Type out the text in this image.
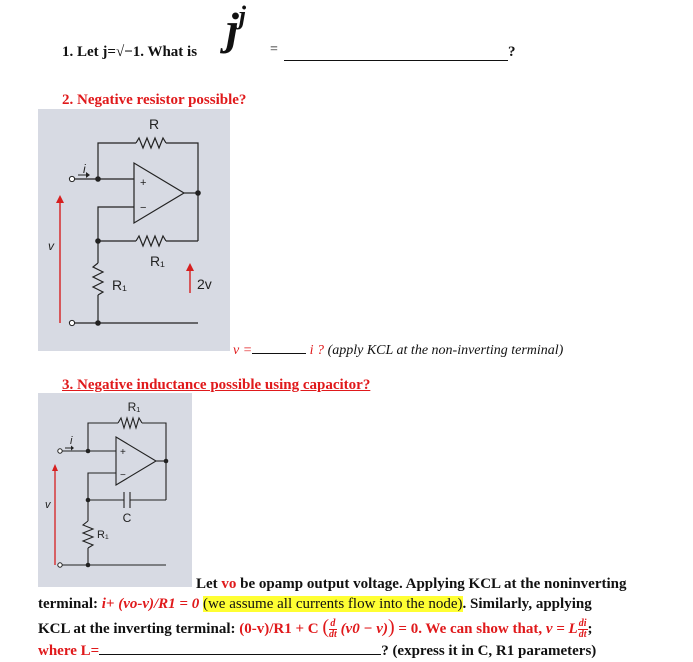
1. Let j=√−1. What is $j^j$
=	?
2. Negative resistor possible?
R
i
+
−
R₁
R₁
v
2v
v =	i ? (apply KCL at the non-inverting terminal)
3. Negative inductance possible using capacitor?
R₁
i
+
−
C
v
R₁
Let vo be opamp output voltage. Applying KCL at the noninverting
terminal: i+ (vo-v)/R1 = 0 (we assume all currents flow into the node). Similarly, applying
KCL at the inverting terminal: (0-v)/R1 + C ( $\frac{d}{dt} (v0 - v)) = 0$. We can show that, v = L $\frac{di}{dt}$ ;
where L=	? (express it in C, R1 parameters)
